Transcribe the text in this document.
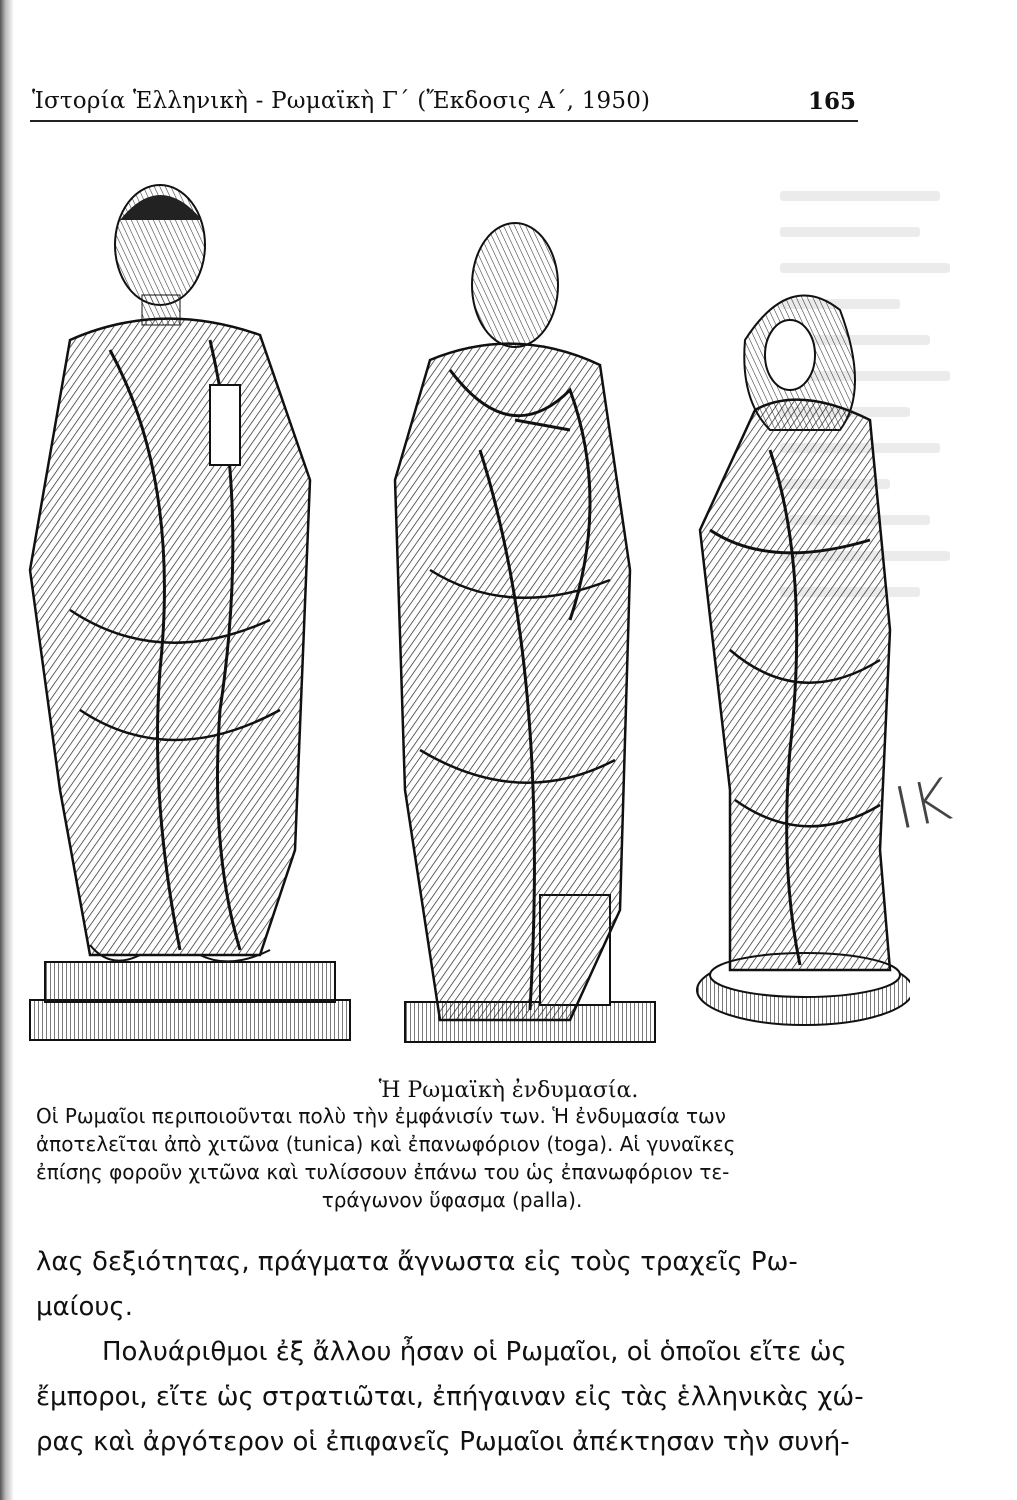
Ἱστορία Ἑλληνικὴ - Ρωμαϊκὴ Γ΄ (Ἔκδοσις Α΄, 1950)	165
ΙΚ
Ἡ Ρωμαϊκὴ ἐνδυμασία.
Οἱ Ρωμαῖοι περιποιοῦνται πολὺ τὴν ἐμφάνισίν των. Ἡ ἐνδυμασία των
ἀποτελεῖται ἀπὸ χιτῶνα (tunica) καὶ ἐπανωφόριον (toga). Αἱ γυναῖκες
ἐπίσης φοροῦν χιτῶνα καὶ τυλίσσουν ἐπάνω του ὡς ἐπανωφόριον τε-
τράγωνον ὕφασμα (palla).
λας δεξιότητας, πράγματα ἄγνωστα εἰς τοὺς τραχεῖς Ρω-
μαίους.
Πολυάριθμοι ἐξ ἄλλου ἦσαν οἱ Ρωμαῖοι, οἱ ὁποῖοι εἴτε ὡς
ἔμποροι, εἴτε ὡς στρατιῶται, ἐπήγαιναν εἰς τὰς ἑλληνικὰς χώ-
ρας καὶ ἀργότερον οἱ ἐπιφανεῖς Ρωμαῖοι ἀπέκτησαν τὴν συνή-
